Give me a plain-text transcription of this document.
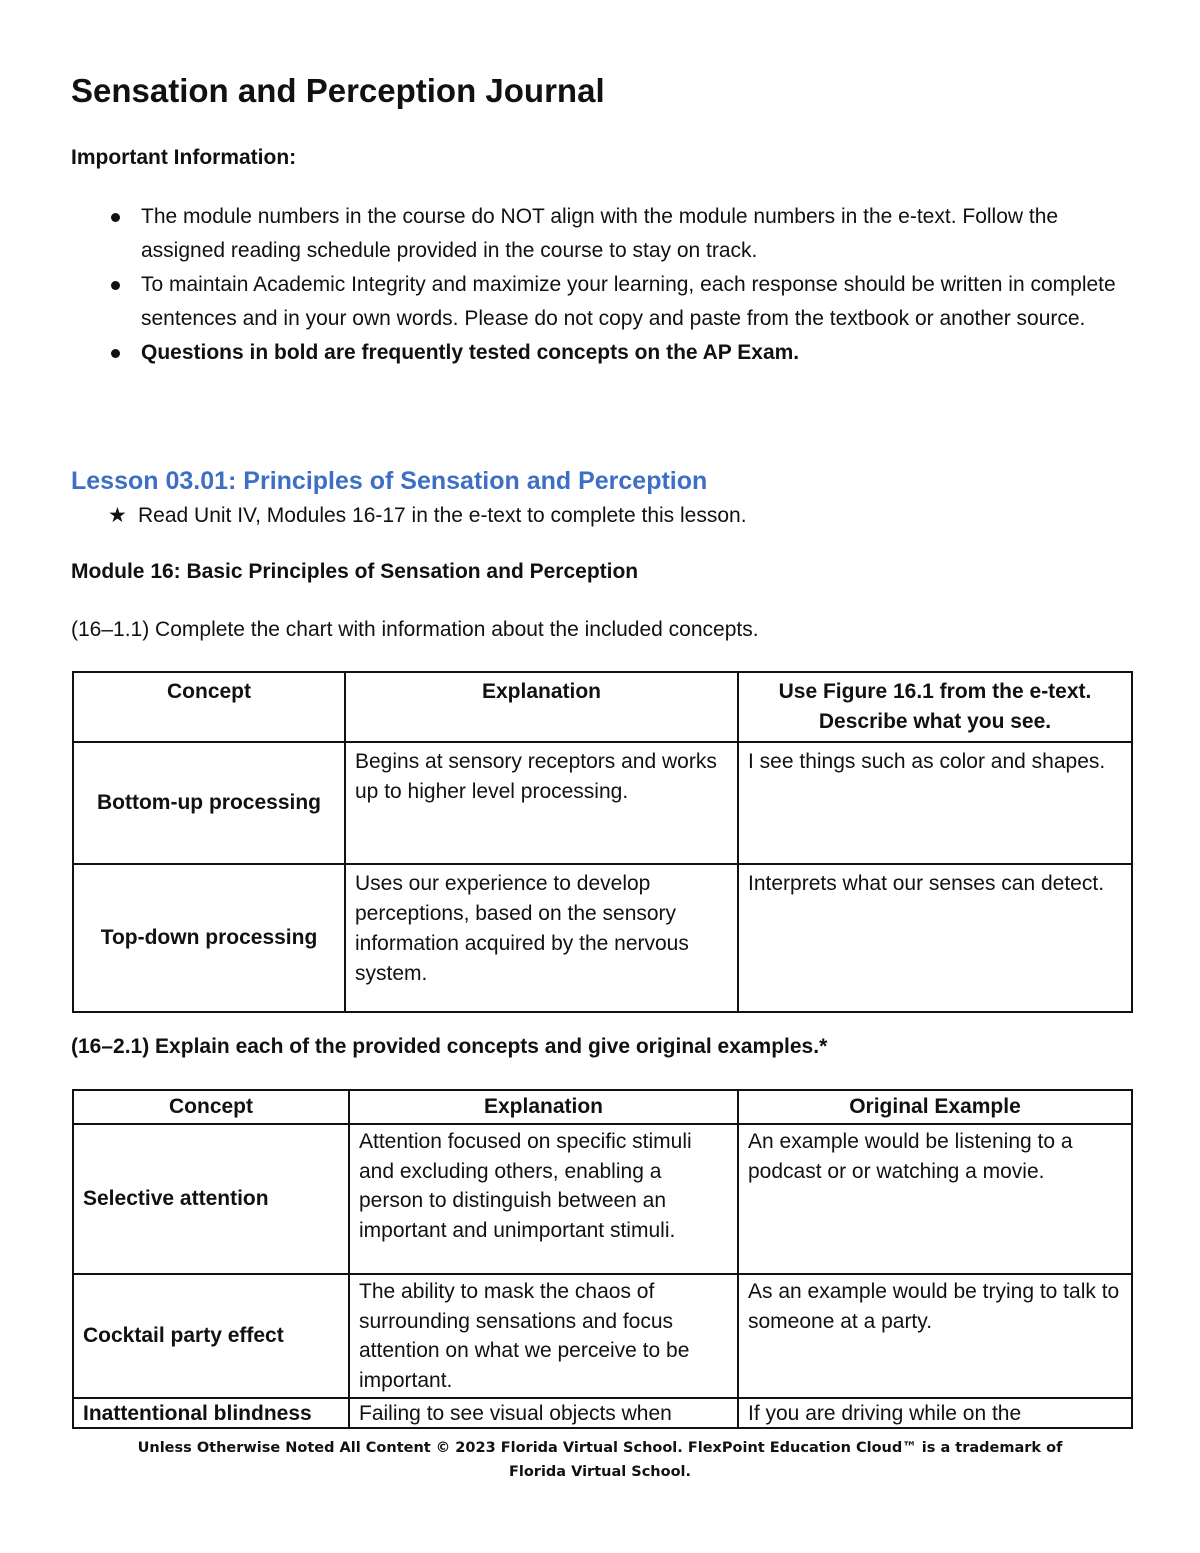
Sensation and Perception Journal
Important Information:
The module numbers in the course do NOT align with the module numbers in the e-text. Follow the assigned reading schedule provided in the course to stay on track.
To maintain Academic Integrity and maximize your learning, each response should be written in complete sentences and in your own words. Please do not copy and paste from the textbook or another source.
Questions in bold are frequently tested concepts on the AP Exam.
Lesson 03.01: Principles of Sensation and Perception
★ Read Unit IV, Modules 16-17 in the e-text to complete this lesson.
Module 16: Basic Principles of Sensation and Perception
(16–1.1) Complete the chart with information about the included concepts.
Concept	Explanation	Use Figure 16.1 from the e-text. Describe what you see.
Bottom-up processing	Begins at sensory receptors and works up to higher level processing.	I see things such as color and shapes.
Top-down processing	Uses our experience to develop perceptions, based on the sensory information acquired by the nervous system.	Interprets what our senses can detect.
(16–2.1) Explain each of the provided concepts and give original examples.*
Concept	Explanation	Original Example
Selective attention	Attention focused on specific stimuli and excluding others, enabling a person to distinguish between an important and unimportant stimuli.	An example would be listening to a podcast or or watching a movie.
Cocktail party effect	The ability to mask the chaos of surrounding sensations and focus attention on what we perceive to be important.	As an example would be trying to talk to someone at a party.

Inattentional blindness	Failing to see visual objects when	If you are driving while on the
Unless Otherwise Noted All Content © 2023 Florida Virtual School. FlexPoint Education Cloud™ is a trademark of
Florida Virtual School.
